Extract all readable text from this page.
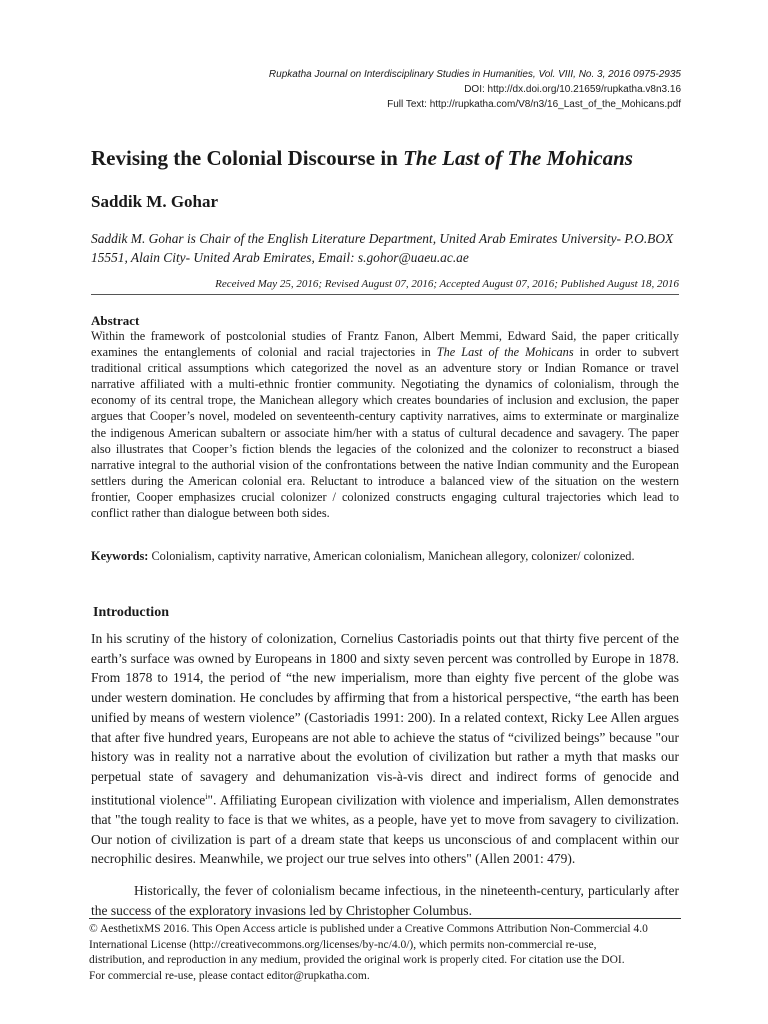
Rupkatha Journal on Interdisciplinary Studies in Humanities, Vol. VIII, No. 3, 2016 0975-2935
DOI: http://dx.doi.org/10.21659/rupkatha.v8n3.16
Full Text: http://rupkatha.com/V8/n3/16_Last_of_the_Mohicans.pdf
Revising the Colonial Discourse in The Last of The Mohicans
Saddik M. Gohar

Saddik M. Gohar is Chair of the English Literature Department, United Arab Emirates University- P.O.BOX 15551, Alain City- United Arab Emirates, Email: s.gohor@uaeu.ac.ae

Received May 25, 2016; Revised August 07, 2016; Accepted August 07, 2016; Published August 18, 2016
Abstract

Within the framework of postcolonial studies of Frantz Fanon, Albert Memmi, Edward Said, the paper critically examines the entanglements of colonial and racial trajectories in The Last of the Mohicans in order to subvert traditional critical assumptions which categorized the novel as an adventure story or Indian Romance or travel narrative affiliated with a multi-ethnic frontier community. Negotiating the dynamics of colonialism, through the economy of its central trope, the Manichean allegory which creates boundaries of inclusion and exclusion, the paper argues that Cooper’s novel, modeled on seventeenth-century captivity narratives, aims to exterminate or marginalize the indigenous American subaltern or associate him/her with a status of cultural decadence and savagery. The paper also illustrates that Cooper’s fiction blends the legacies of the colonized and the colonizer to reconstruct a biased narrative integral to the authorial vision of the confrontations between the native Indian community and the European settlers during the American colonial era. Reluctant to introduce a balanced view of the situation on the western frontier, Cooper emphasizes crucial colonizer / colonized constructs engaging cultural trajectories which lead to conflict rather than dialogue between both sides.

Keywords: Colonialism, captivity narrative, American colonialism, Manichean allegory, colonizer/ colonized.

Introduction

In his scrutiny of the history of colonization, Cornelius Castoriadis points out that thirty five percent of the earth’s surface was owned by Europeans in 1800 and sixty seven percent was controlled by Europe in 1878. From 1878 to 1914, the period of “the new imperialism, more than eighty five percent of the globe was under western domination. He concludes by affirming that from a historical perspective, “the earth has been unified by means of western violence” (Castoriadis 1991: 200). In a related context, Ricky Lee Allen argues that after five hundred years, Europeans are not able to achieve the status of “civilized beings” because "our history was in reality not a narrative about the evolution of civilization but rather a myth that masks our perpetual state of savagery and dehumanization vis-à-vis direct and indirect forms of genocide and institutional violence$^i$". Affiliating European civilization with violence and imperialism, Allen demonstrates that "the tough reality to face is that we whites, as a people, have yet to move from savagery to civilization. Our notion of civilization is part of a dream state that keeps us unconscious of and complacent within our necrophilic desires. Meanwhile, we project our true selves into others" (Allen 2001: 479).

Historically, the fever of colonialism became infectious, in the nineteenth-century, particularly after the success of the exploratory invasions led by Christopher Columbus.

© AesthetixMS 2016. This Open Access article is published under a Creative Commons Attribution Non-Commercial 4.0
International License (http://creativecommons.org/licenses/by-nc/4.0/), which permits non-commercial re-use,
distribution, and reproduction in any medium, provided the original work is properly cited. For citation use the DOI.
For commercial re-use, please contact editor@rupkatha.com.
